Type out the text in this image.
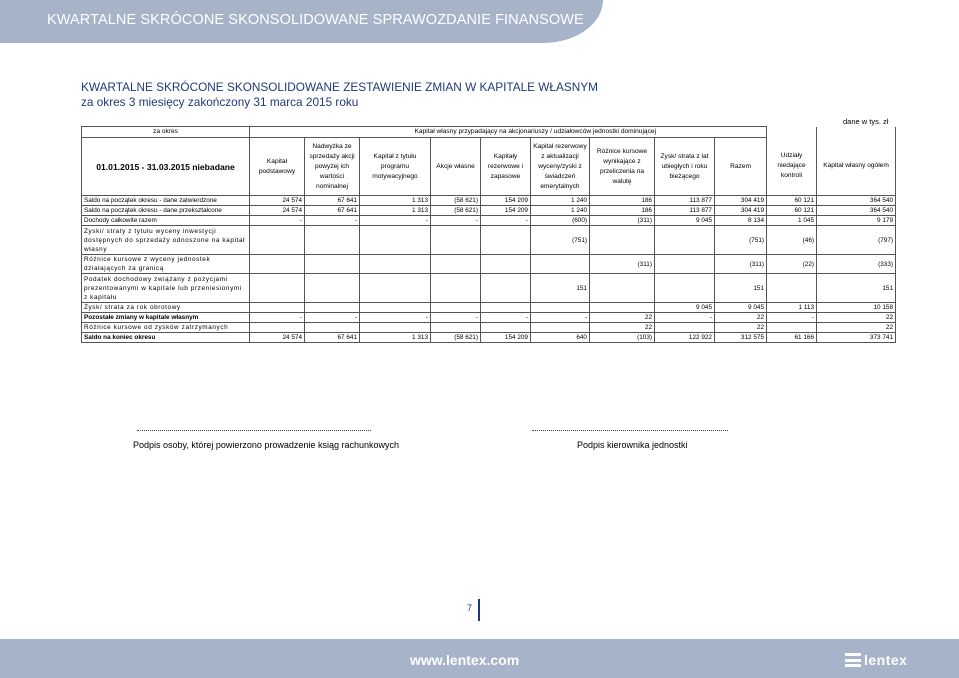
KWARTALNE SKRÓCONE SKONSOLIDOWANE SPRAWOZDANIE FINANSOWE
KWARTALNE SKRÓCONE SKONSOLIDOWANE ZESTAWIENIE ZMIAN W KAPITALE WŁASNYM
za okres 3 miesięcy zakończony 31 marca 2015 roku
dane w tys. zł
za okres		Kapitał własny przypadający na akcjonariuszy / udziałowców jednostki dominującej									
01.01.2015 - 31.03.2015 niebadane	Kapitał podstawowy	Nadwyżka ze sprzedaży akcji powyżej ich wartości nominalnej	Kapitał z tytułu programu motywacyjnego	Akcje własne	Kapitały rezerwowe i zapasowe	Kapitał rezerwowy z aktualizacji wyceny/zyski z świadczeń emerytalnych	Różnice kursowe wynikające z przeliczenia na walutę	Zysk/ strata z lat ubiegłych i roku bieżącego	Razem	Udziały niedające kontroli	Kapitał własny ogółem
Saldo na początek okresu - dane zatwierdzone	24 574	67 641	1 313	(58 621)	154 209	1 240	186	113 877	304 419	60 121	364 540
Saldo na początek okresu - dane przekształcone	24 574	67 641	1 313	(58 621)	154 209	1 240	186	113 877	304 419	60 121	364 540
Dochody całkowite razem	-	-	-	-	-	(600)	(311)	9 045	8 134	1 045	9 179
Zyski/ straty z tytułu wyceny inwestycji dostępnych do sprzedaży odnoszone na kapitał własny						(751)			(751)	(46)	(797)
Różnice kursowe z wyceny jednostek działających za granicą							(311)		(311)	(22)	(333)
Podatek dochodowy związany z pozycjami prezentowanymi w kapitale lub przeniesionymi z kapitału						151			151		151
Zysk/ strata za rok obrotowy								9 045	9 045	1 113	10 158
Pozostałe zmiany w kapitale własnym	-	-	-	-	-	-	22	-	22	-	22
Różnice kursowe od zysków zatrzymanych							22		22		22
Saldo na koniec okresu	24 574	67 641	1 313	(58 621)	154 209	640	(103)	122 922	312 575	61 166	373 741
Podpis osoby, której powierzono prowadzenie ksiąg rachunkowych	Podpis kierownika jednostki
7
www.lentex.com	lentex
